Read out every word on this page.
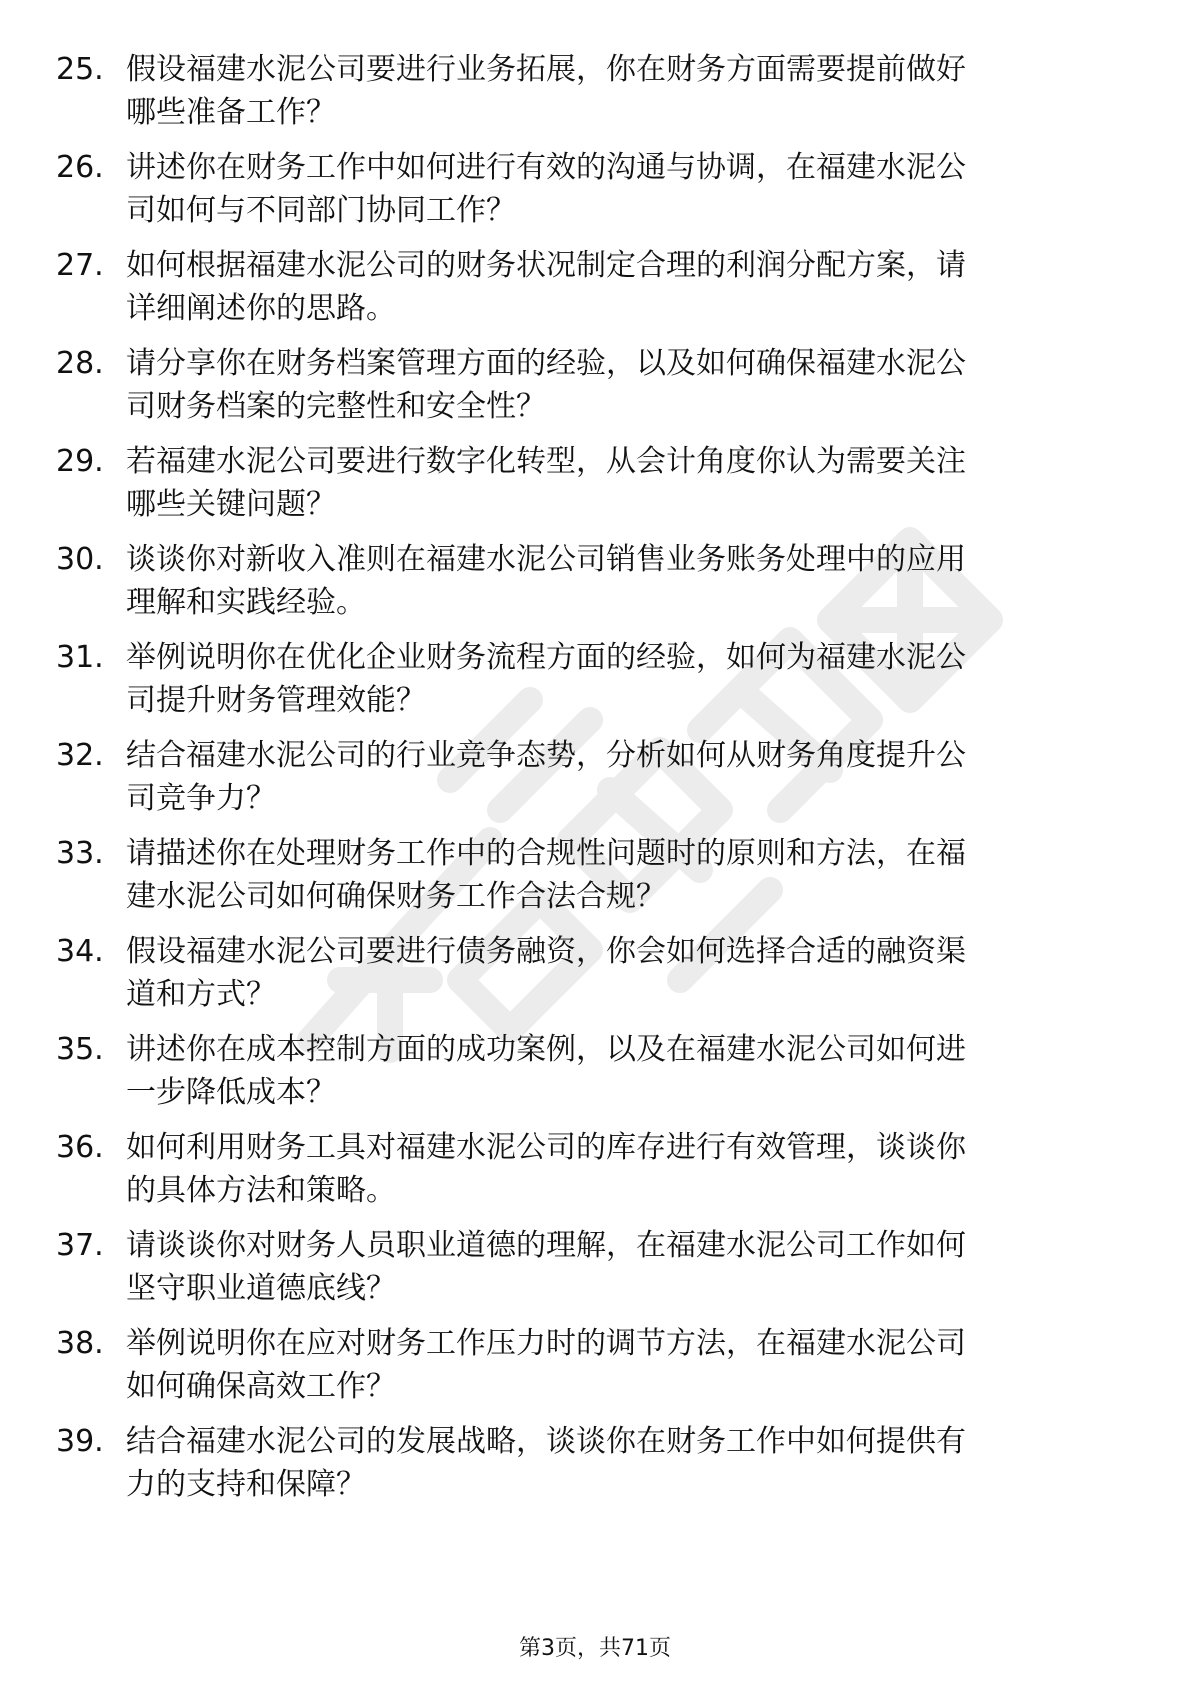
25. 假设福建水泥公司要进行业务拓展，你在财务方面需要提前做好
哪些准备工作？
26. 讲述你在财务工作中如何进行有效的沟通与协调，在福建水泥公
司如何与不同部门协同工作？
27. 如何根据福建水泥公司的财务状况制定合理的利润分配方案，请
详细阐述你的思路。
28. 请分享你在财务档案管理方面的经验，以及如何确保福建水泥公
司财务档案的完整性和安全性？
29. 若福建水泥公司要进行数字化转型，从会计角度你认为需要关注
哪些关键问题？
30. 谈谈你对新收入准则在福建水泥公司销售业务账务处理中的应用
理解和实践经验。
31. 举例说明你在优化企业财务流程方面的经验，如何为福建水泥公
司提升财务管理效能？
32. 结合福建水泥公司的行业竞争态势，分析如何从财务角度提升公
司竞争力？
33. 请描述你在处理财务工作中的合规性问题时的原则和方法，在福
建水泥公司如何确保财务工作合法合规？
34. 假设福建水泥公司要进行债务融资，你会如何选择合适的融资渠
道和方式？
35. 讲述你在成本控制方面的成功案例，以及在福建水泥公司如何进
一步降低成本？
36. 如何利用财务工具对福建水泥公司的库存进行有效管理，谈谈你
的具体方法和策略。
37. 请谈谈你对财务人员职业道德的理解，在福建水泥公司工作如何
坚守职业道德底线？
38. 举例说明你在应对财务工作压力时的调节方法，在福建水泥公司
如何确保高效工作？
39. 结合福建水泥公司的发展战略，谈谈你在财务工作中如何提供有
力的支持和保障？
第3页，共71页
